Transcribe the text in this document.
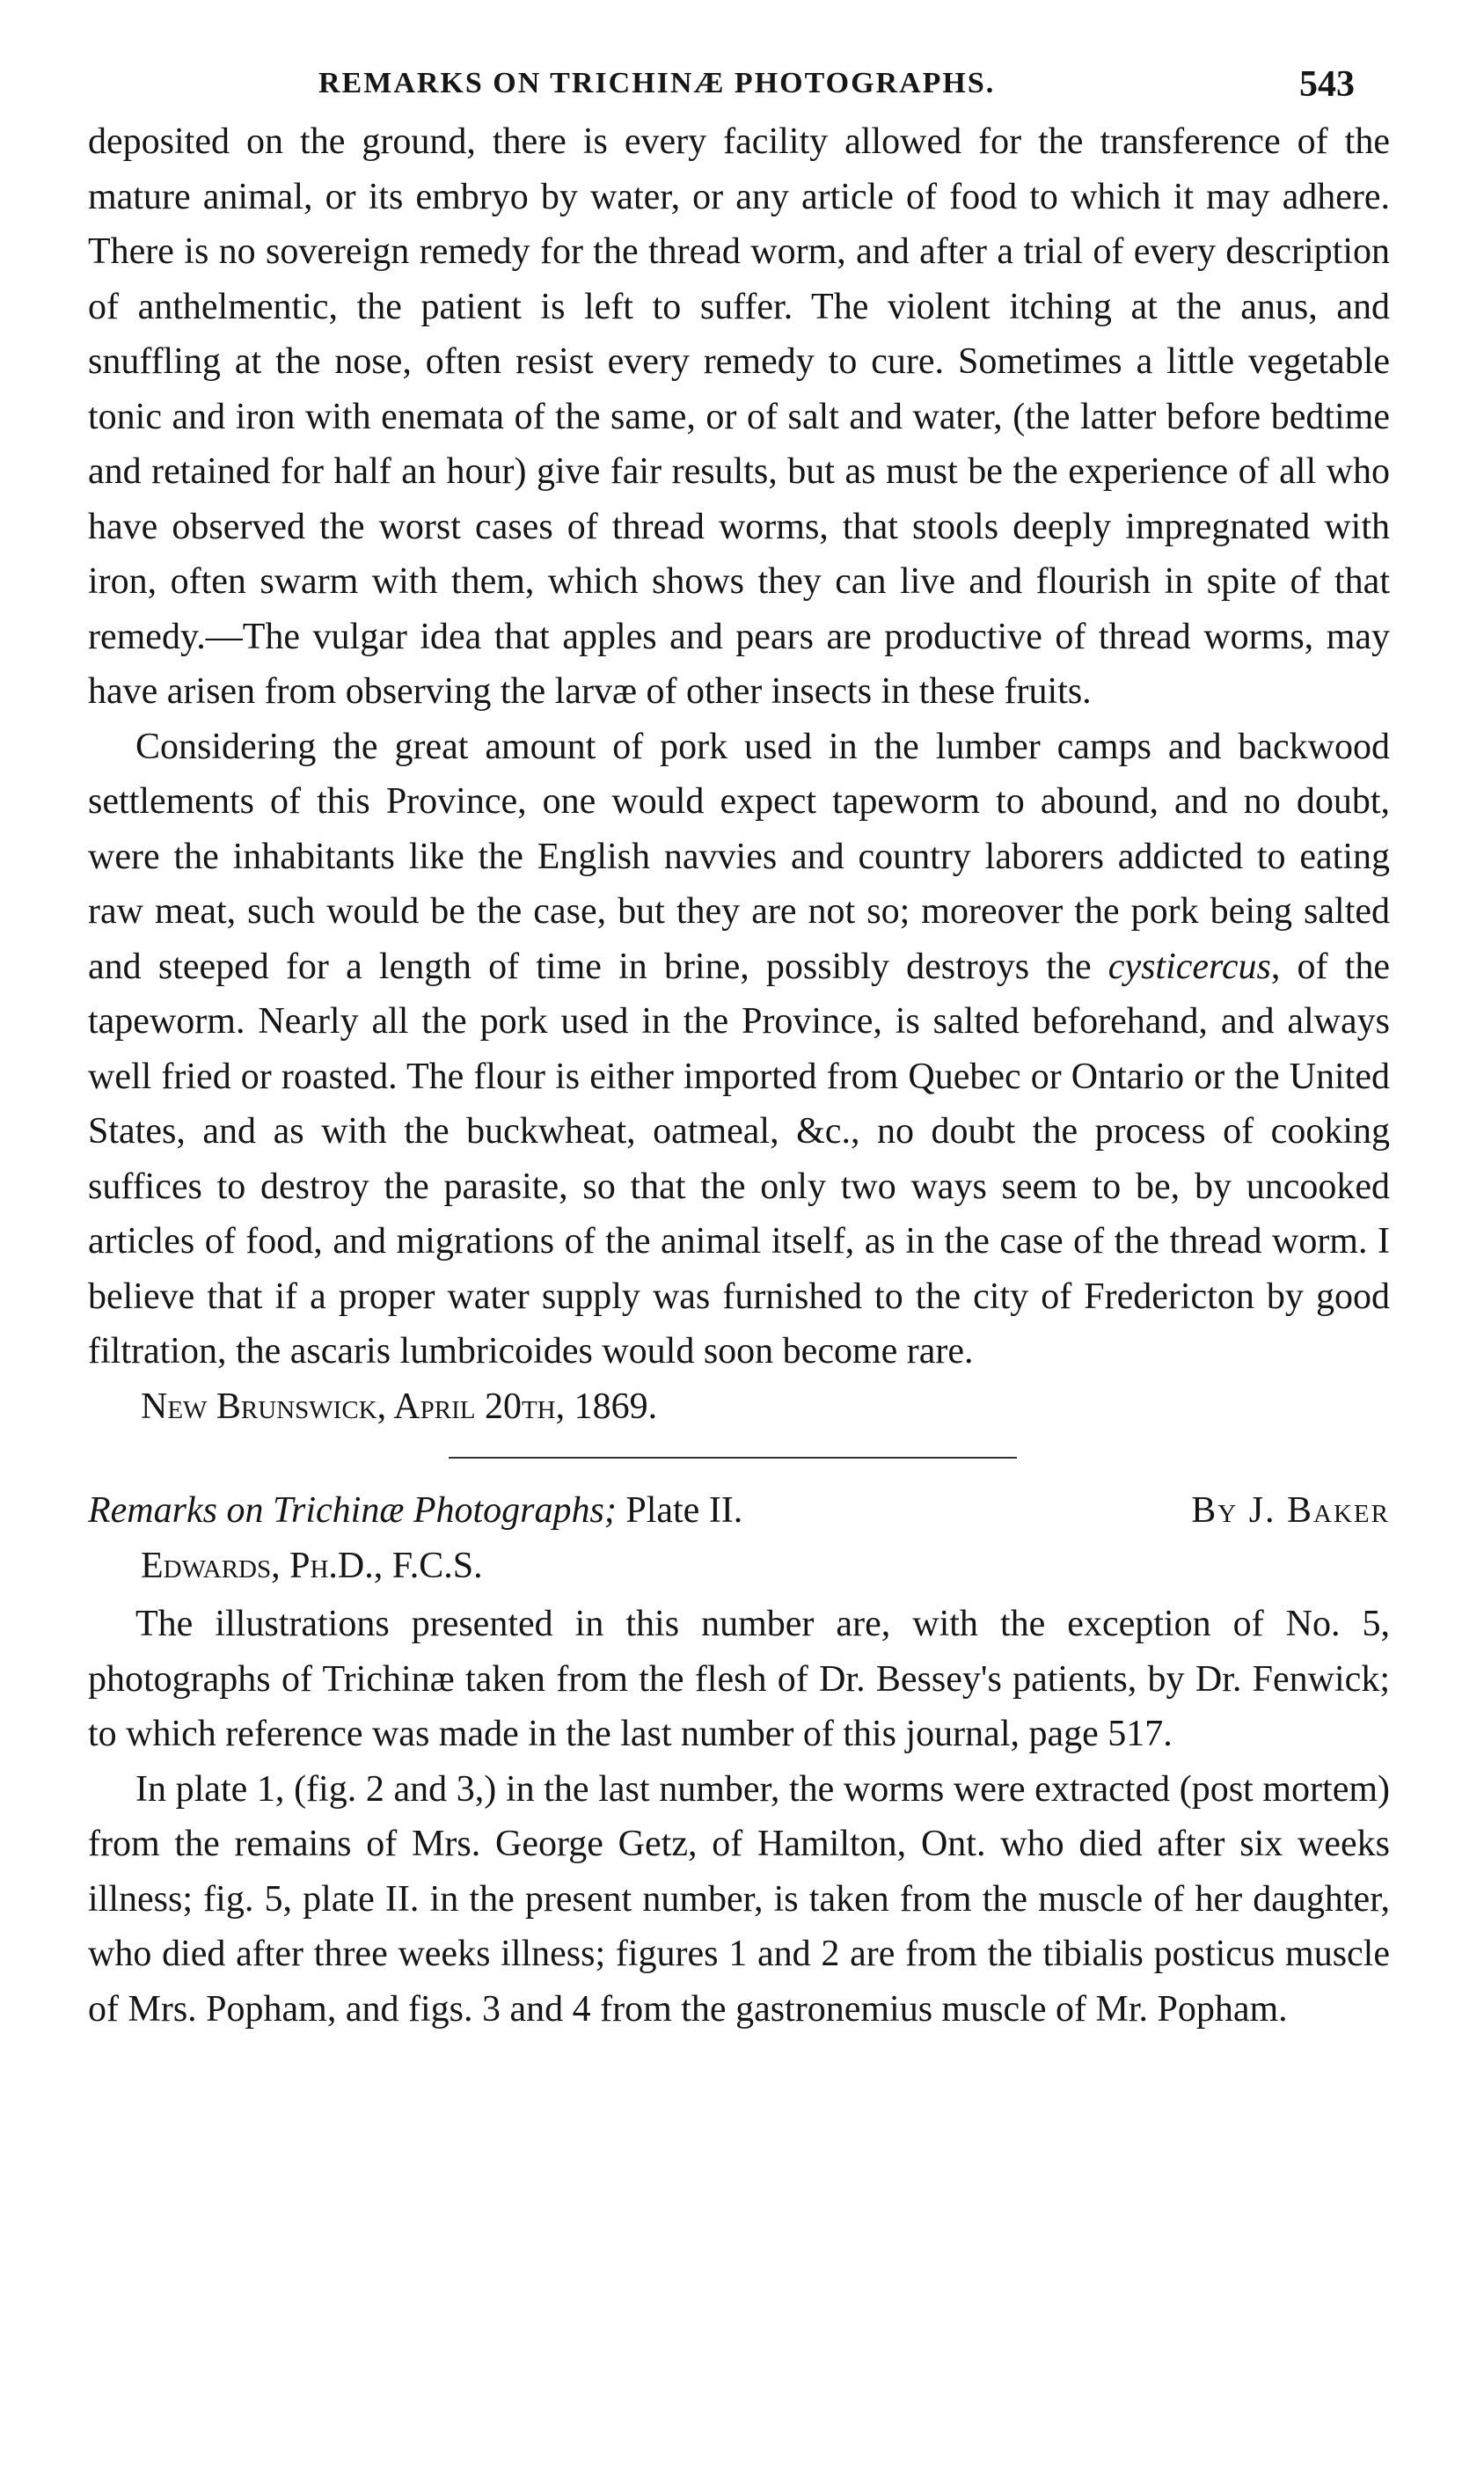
REMARKS ON TRICHINÆ PHOTOGRAPHS.	543

deposited on the ground, there is every facility allowed for the transference of the mature animal, or its embryo by water, or any article of food to which it may adhere. There is no sovereign remedy for the thread worm, and after a trial of every description of anthelmentic, the patient is left to suffer. The violent itching at the anus, and snuffling at the nose, often resist every remedy to cure. Sometimes a little vegetable tonic and iron with enemata of the same, or of salt and water, (the latter before bedtime and retained for half an hour) give fair results, but as must be the experience of all who have observed the worst cases of thread worms, that stools deeply impregnated with iron, often swarm with them, which shows they can live and flourish in spite of that remedy.—The vulgar idea that apples and pears are productive of thread worms, may have arisen from observing the larvæ of other insects in these fruits.

Considering the great amount of pork used in the lumber camps and backwood settlements of this Province, one would expect tapeworm to abound, and no doubt, were the inhabitants like the English navvies and country laborers addicted to eating raw meat, such would be the case, but they are not so; moreover the pork being salted and steeped for a length of time in brine, possibly destroys the cysticercus, of the tapeworm. Nearly all the pork used in the Province, is salted beforehand, and always well fried or roasted. The flour is either imported from Quebec or Ontario or the United States, and as with the buckwheat, oatmeal, &c., no doubt the process of cooking suffices to destroy the parasite, so that the only two ways seem to be, by uncooked articles of food, and migrations of the animal itself, as in the case of the thread worm. I believe that if a proper water supply was furnished to the city of Fredericton by good filtration, the ascaris lumbricoides would soon become rare.

New Brunswick, April 20th, 1869.

Remarks on Trichinæ Photographs; Plate II.	By J. Baker

Edwards, Ph.D., F.C.S.

The illustrations presented in this number are, with the exception of No. 5, photographs of Trichinæ taken from the flesh of Dr. Bessey's patients, by Dr. Fenwick; to which reference was made in the last number of this journal, page 517.

In plate 1, (fig. 2 and 3,) in the last number, the worms were extracted (post mortem) from the remains of Mrs. George Getz, of Hamilton, Ont. who died after six weeks illness; fig. 5, plate II. in the present number, is taken from the muscle of her daughter, who died after three weeks illness; figures 1 and 2 are from the tibialis posticus muscle of Mrs. Popham, and figs. 3 and 4 from the gastronemius muscle of Mr. Popham.
